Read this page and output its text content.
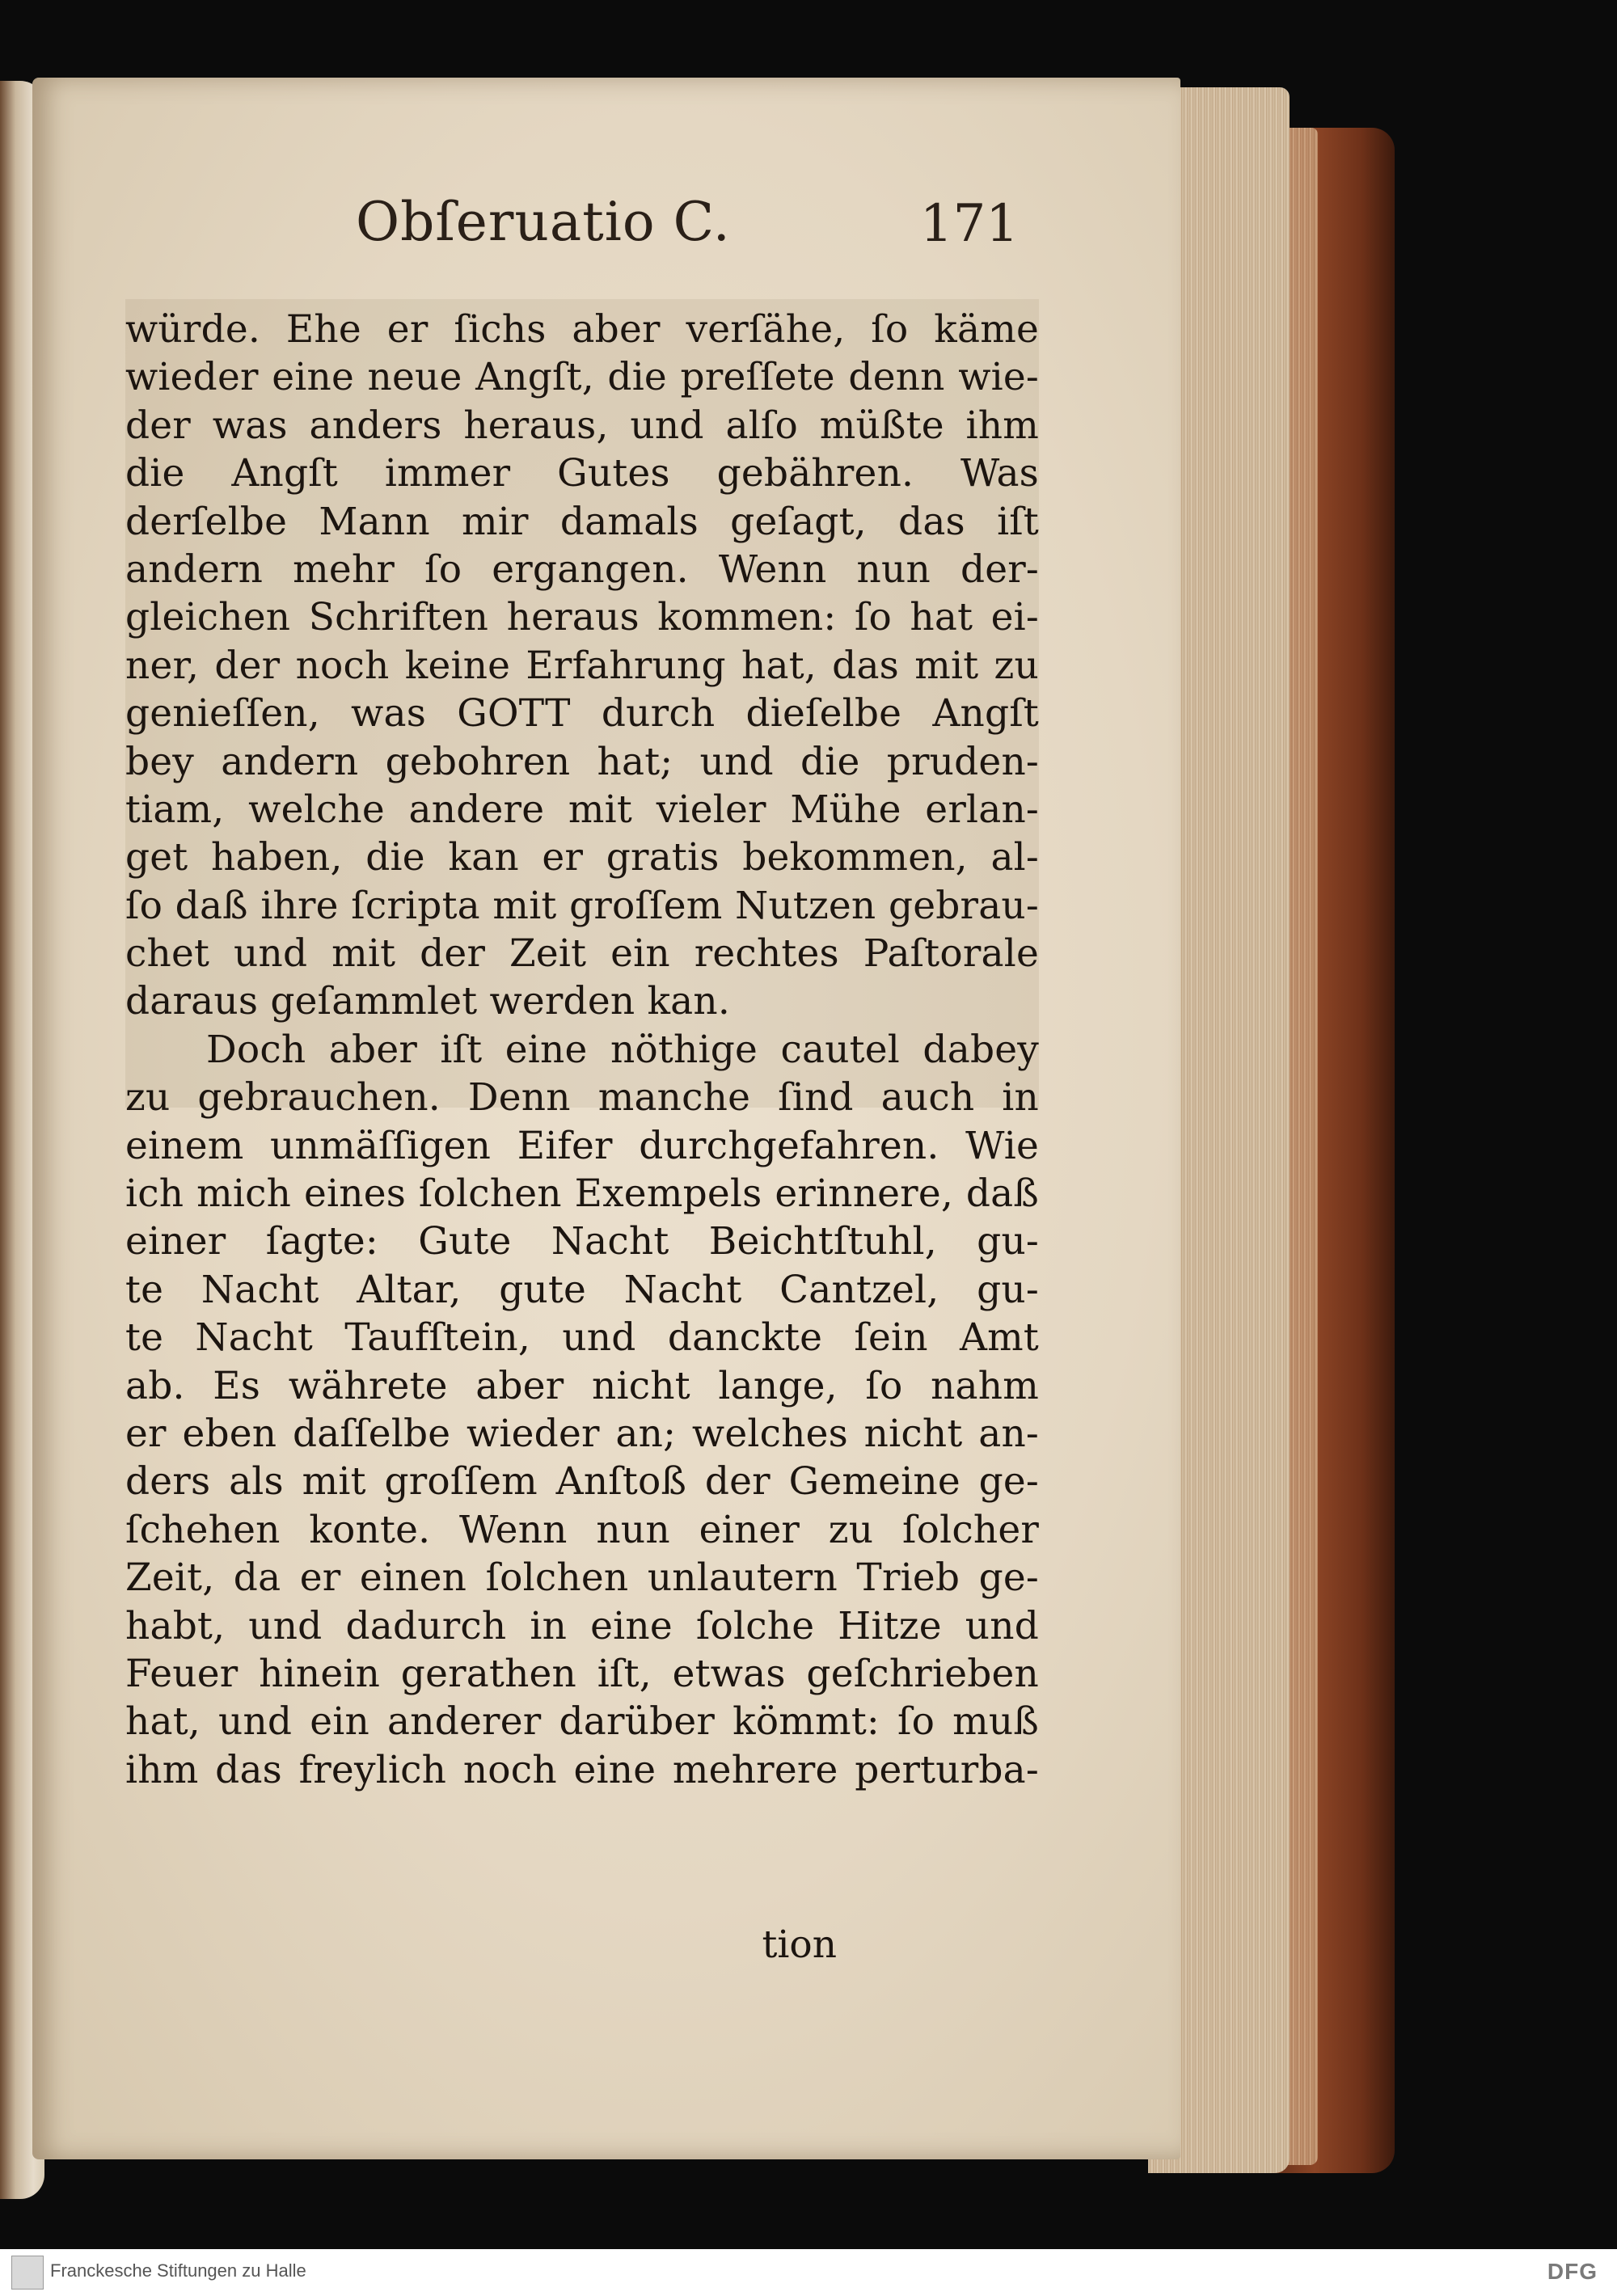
Obſeruatio C.	171
würde. Ehe er ſichs aber verſähe, ſo käme
wieder eine neue Angſt, die preſſete denn wie-
der was anders heraus, und alſo müßte ihm
die Angſt immer Gutes gebähren. Was
derſelbe Mann mir damals geſagt, das iſt
andern mehr ſo ergangen. Wenn nun der-
gleichen Schriften heraus kommen: ſo hat ei-
ner, der noch keine Erfahrung hat, das mit zu
genieſſen, was GOTT durch dieſelbe Angſt
bey andern gebohren hat; und die pruden-
tiam, welche andere mit vieler Mühe erlan-
get haben, die kan er gratis bekommen, al-
ſo daß ihre ſcripta mit groſſem Nutzen gebrau-
chet und mit der Zeit ein rechtes Paſtorale
daraus geſammlet werden kan.
Doch aber iſt eine nöthige cautel dabey
zu gebrauchen. Denn manche ſind auch in
einem unmäſſigen Eifer durchgefahren. Wie
ich mich eines ſolchen Exempels erinnere, daß
einer ſagte: Gute Nacht Beichtſtuhl, gu-
te Nacht Altar, gute Nacht Cantzel, gu-
te Nacht Taufſtein, und danckte ſein Amt
ab. Es währete aber nicht lange, ſo nahm
er eben daſſelbe wieder an; welches nicht an-
ders als mit groſſem Anſtoß der Gemeine ge-
ſchehen konte. Wenn nun einer zu ſolcher
Zeit, da er einen ſolchen unlautern Trieb ge-
habt, und dadurch in eine ſolche Hitze und
Feuer hinein gerathen iſt, etwas geſchrieben
hat, und ein anderer darüber kömmt: ſo muß
ihm das freylich noch eine mehrere perturba-
tion
Franckesche Stiftungen zu Halle	DFG
